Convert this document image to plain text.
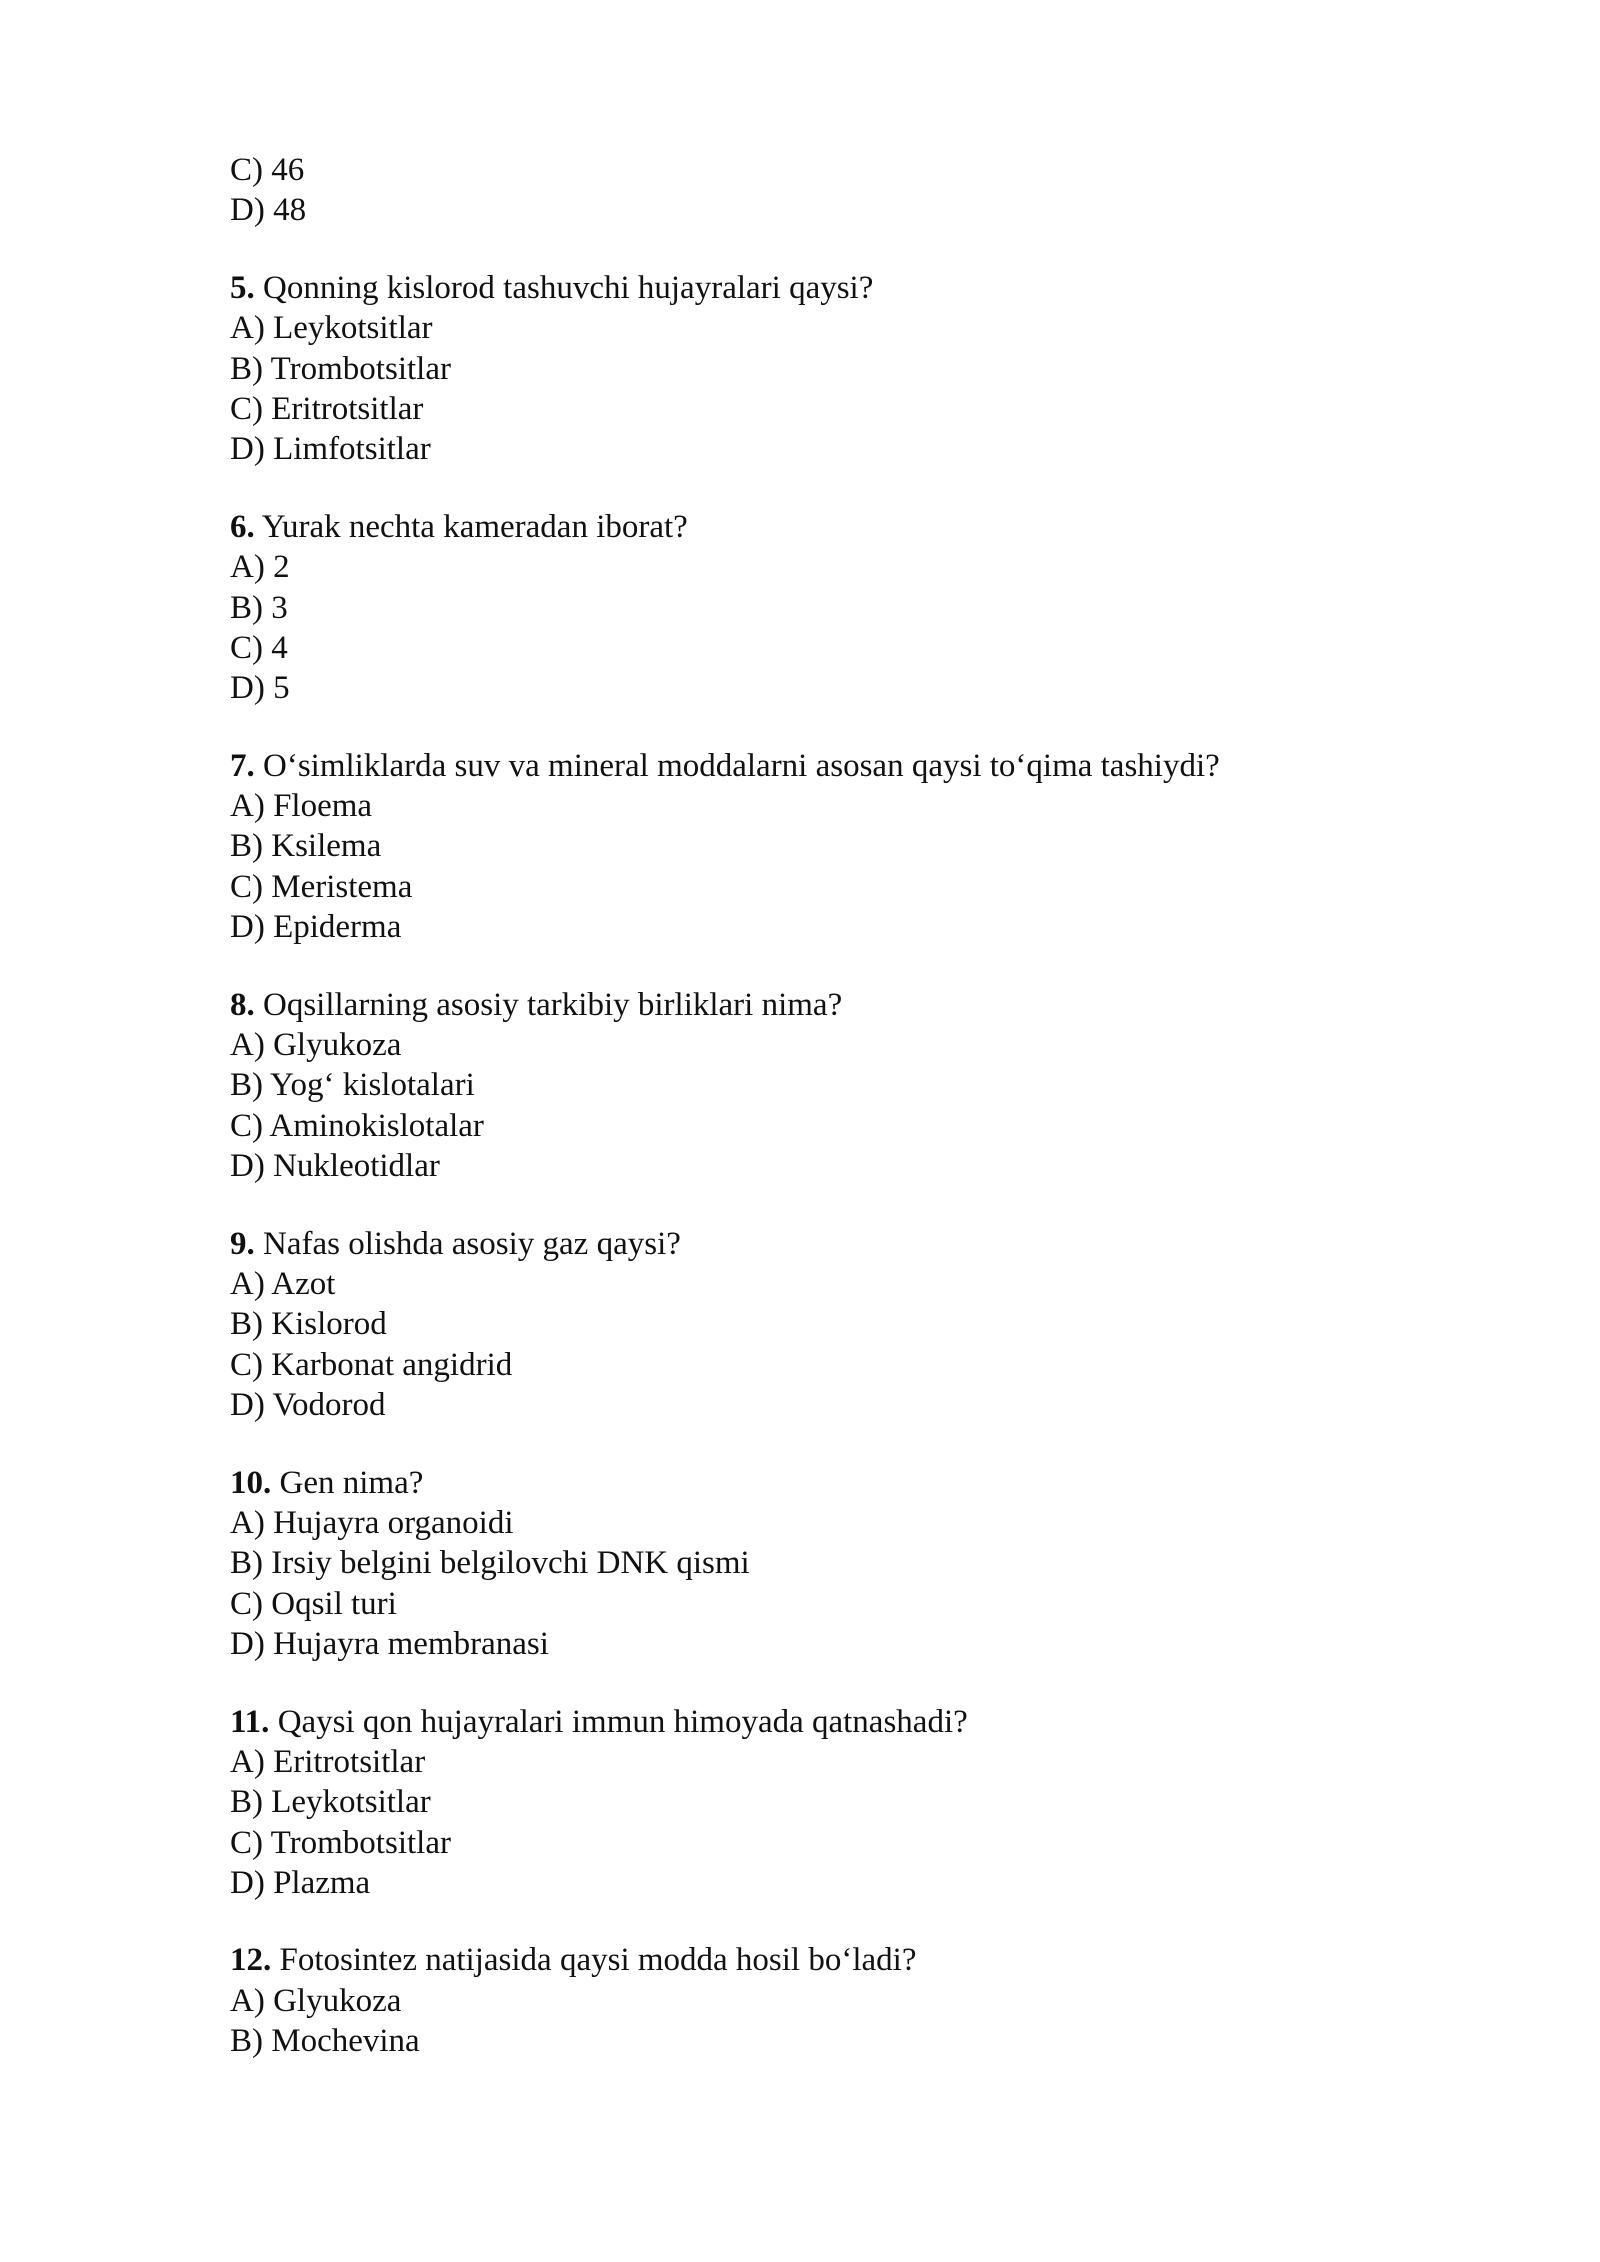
C) 46
D) 48
5. Qonning kislorod tashuvchi hujayralari qaysi?
A) Leykotsitlar
B) Trombotsitlar
C) Eritrotsitlar
D) Limfotsitlar
6. Yurak nechta kameradan iborat?
A) 2
B) 3
C) 4
D) 5
7. O‘simliklarda suv va mineral moddalarni asosan qaysi to‘qima tashiydi?
A) Floema
B) Ksilema
C) Meristema
D) Epiderma
8. Oqsillarning asosiy tarkibiy birliklari nima?
A) Glyukoza
B) Yog‘ kislotalari
C) Aminokislotalar
D) Nukleotidlar
9. Nafas olishda asosiy gaz qaysi?
A) Azot
B) Kislorod
C) Karbonat angidrid
D) Vodorod
10. Gen nima?
A) Hujayra organoidi
B) Irsiy belgini belgilovchi DNK qismi
C) Oqsil turi
D) Hujayra membranasi
11. Qaysi qon hujayralari immun himoyada qatnashadi?
A) Eritrotsitlar
B) Leykotsitlar
C) Trombotsitlar
D) Plazma
12. Fotosintez natijasida qaysi modda hosil bo‘ladi?
A) Glyukoza
B) Mochevina
